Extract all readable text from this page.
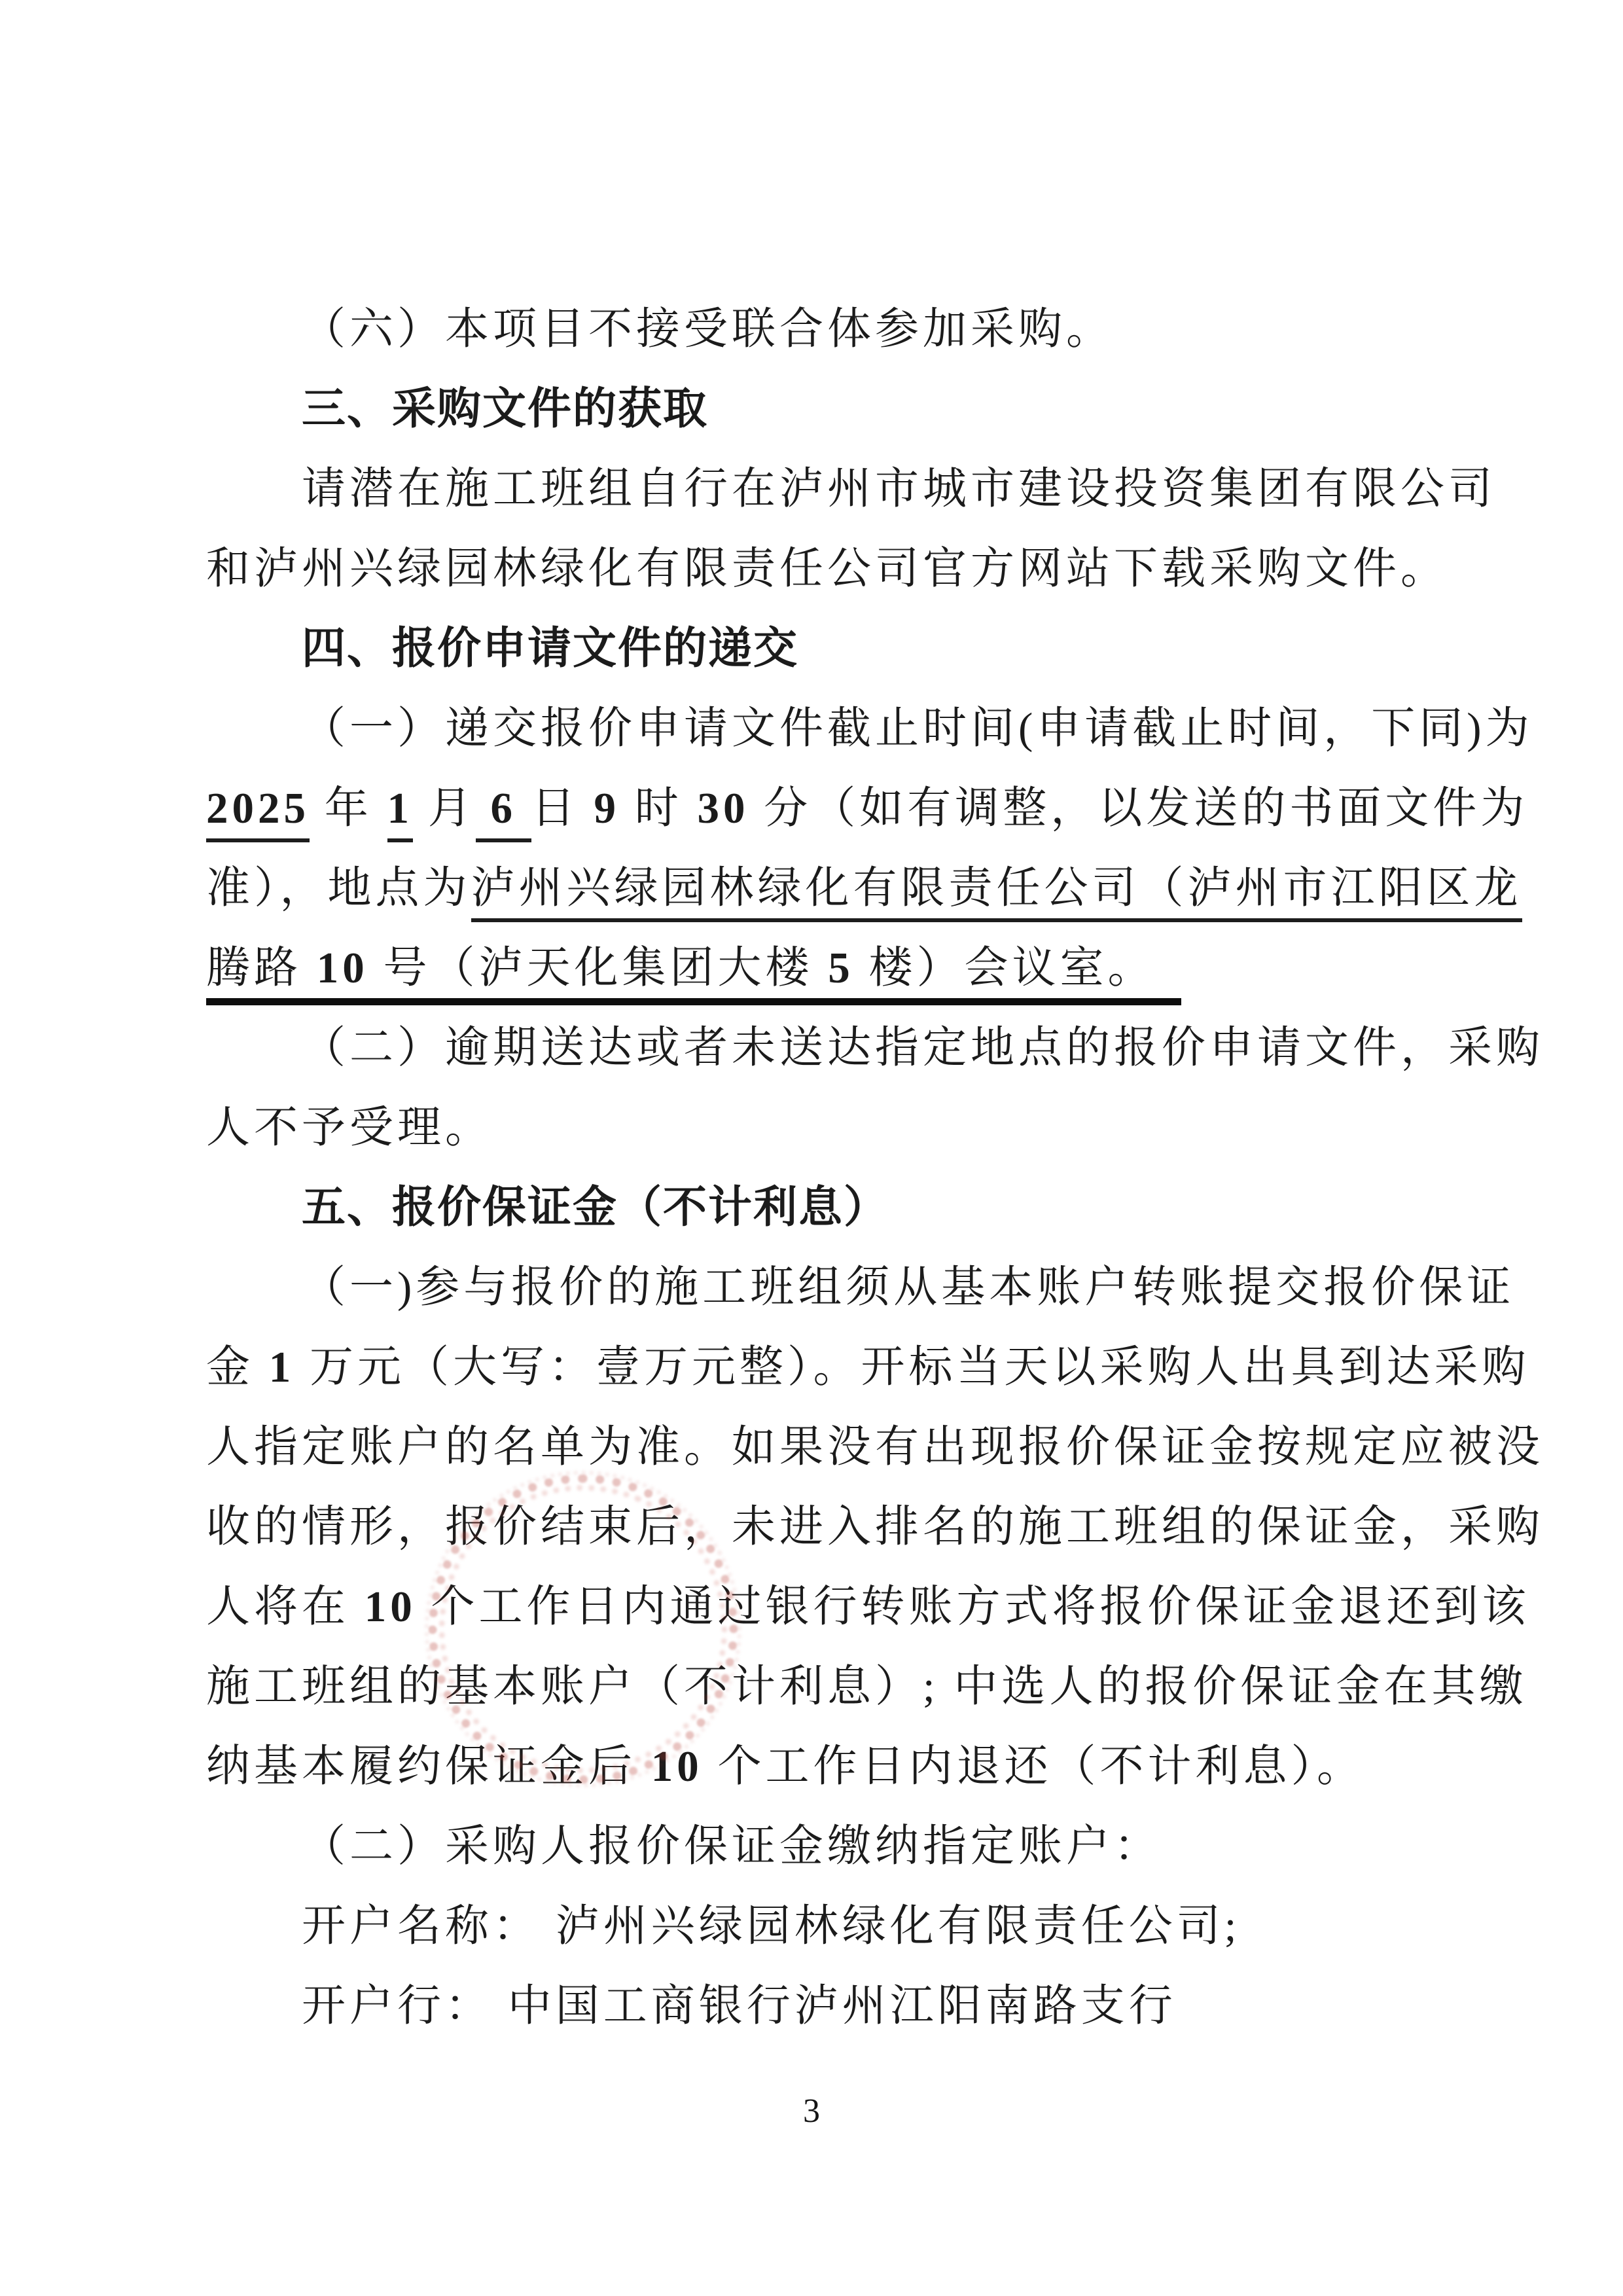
（六）本项目不接受联合体参加采购。
三、采购文件的获取
请潜在施工班组自行在泸州市城市建设投资集团有限公司
和泸州兴绿园林绿化有限责任公司官方网站下载采购文件。
四、报价申请文件的递交
（一）递交报价申请文件截止时间(申请截止时间，下同)为
2025 年 1 月 6 日 9 时 30 分（如有调整，以发送的书面文件为
准），地点为泸州兴绿园林绿化有限责任公司（泸州市江阳区龙
腾路 10 号（泸天化集团大楼 5 楼）会议室。　
（二）逾期送达或者未送达指定地点的报价申请文件，采购
人不予受理。
五、报价保证金（不计利息）
（一)参与报价的施工班组须从基本账户转账提交报价保证
金 1 万元（大写：壹万元整）。开标当天以采购人出具到达采购
人指定账户的名单为准。如果没有出现报价保证金按规定应被没
收的情形，报价结束后，未进入排名的施工班组的保证金，采购
人将在 10 个工作日内通过银行转账方式将报价保证金退还到该
施工班组的基本账户（不计利息）; 中选人的报价保证金在其缴
纳基本履约保证金后 10 个工作日内退还（不计利息）。
（二）采购人报价保证金缴纳指定账户：
开户名称： 泸州兴绿园林绿化有限责任公司;
开户行： 中国工商银行泸州江阳南路支行
3
